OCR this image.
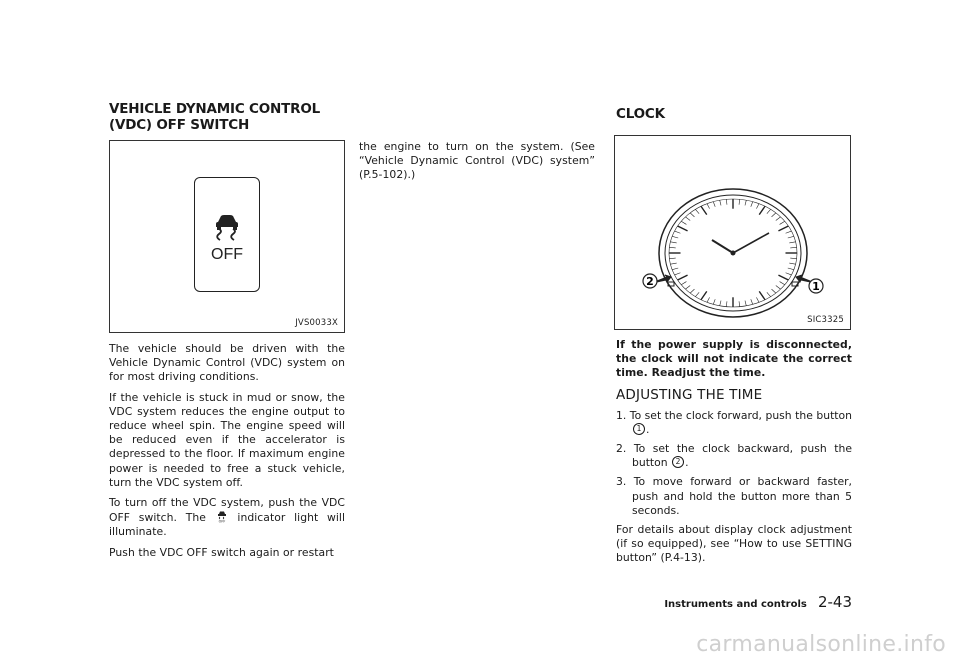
VEHICLE DYNAMIC CONTROL (VDC) OFF SWITCH
OFF
JVS0033X

The vehicle should be driven with the Vehicle Dynamic Control (VDC) system on for most driving conditions.

If the vehicle is stuck in mud or snow, the VDC system reduces the engine output to reduce wheel spin. The engine speed will be reduced even if the accelerator is depressed to the floor. If maximum engine power is needed to free a stuck vehicle, turn the VDC system off.

To turn off the VDC system, push the VDC OFF switch. The	OFF indicator light will illuminate.

Push the VDC OFF switch again or restart

the engine to turn on the system. (See “Vehicle Dynamic Control (VDC) system” (P.5-102).)

CLOCK
2	1
SIC3325

If the power supply is disconnected, the clock will not indicate the correct time. Readjust the time.

ADJUSTING THE TIME
1. To set the clock forward, push the button 1 .
2. To set the clock backward, push the button 2 .
3. To move forward or backward faster, push and hold the button more than 5 seconds.

For details about display clock adjustment (if so equipped), see “How to use SETTING button” (P.4-13).

Instruments and controls 2-43
carmanualsonline.info
